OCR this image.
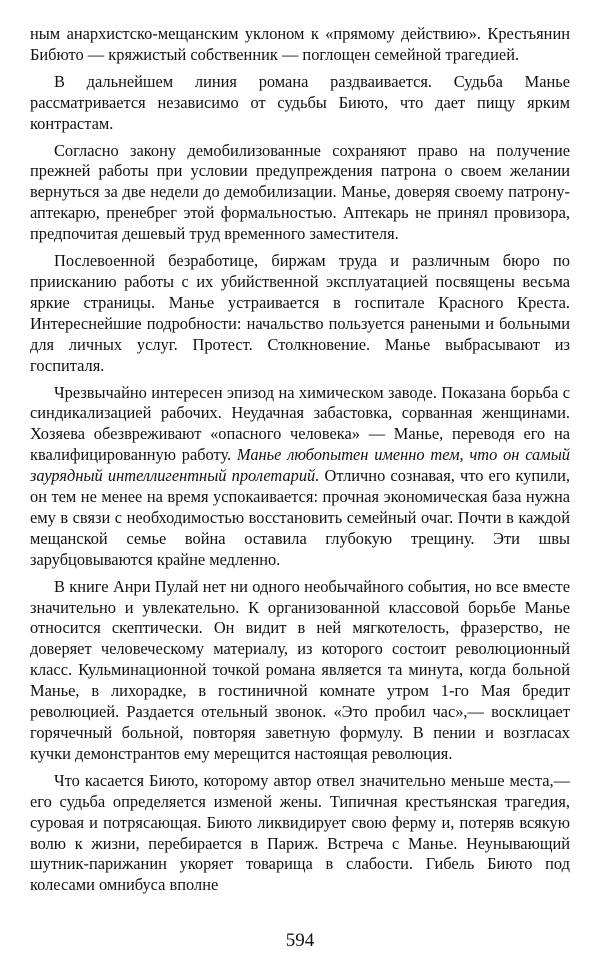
ным анархистско-мещанским уклоном к «прямому действию». Крестьянин Бибюто — кряжистый собственник — поглощен семейной трагедией.

В дальнейшем линия романа раздваивается. Судьба Манье рассматривается независимо от судьбы Биюто, что дает пищу ярким контрастам.

Согласно закону демобилизованные сохраняют право на получение прежней работы при условии предупреждения патрона о своем желании вернуться за две недели до демобилизации. Манье, доверяя своему патрону-аптекарю, пренебрег этой формальностью. Аптекарь не принял провизора, предпочитая дешевый труд временного заместителя.

Послевоенной безработице, биржам труда и различным бюро по приисканию работы с их убийственной эксплуатацией посвящены весьма яркие страницы. Манье устраивается в госпитале Красного Креста. Интереснейшие подробности: начальство пользуется ранеными и больными для личных услуг. Протест. Столкновение. Манье выбрасывают из госпиталя.

Чрезвычайно интересен эпизод на химическом заводе. Показана борьба с синдикализацией рабочих. Неудачная забастовка, сорванная женщинами. Хозяева обезвреживают «опасного человека» — Манье, переводя его на квалифицированную работу. Манье любопытен именно тем, что он самый заурядный интеллигентный пролетарий. Отлично сознавая, что его купили, он тем не менее на время успокаивается: прочная экономическая база нужна ему в связи с необходимостью восстановить семейный очаг. Почти в каждой мещанской семье война оставила глубокую трещину. Эти швы зарубцовываются крайне медленно.

В книге Анри Пулай нет ни одного необычайного события, но все вместе значительно и увлекательно. К организованной классовой борьбе Манье относится скептически. Он видит в ней мягкотелость, фразерство, не доверяет человеческому материалу, из которого состоит революционный класс. Кульминационной точкой романа является та минута, когда больной Манье, в лихорадке, в гостиничной комнате утром 1-го Мая бредит революцией. Раздается отельный звонок. «Это пробил час»,— восклицает горячечный больной, повторяя заветную формулу. В пении и возгласах кучки демонстрантов ему мерещится настоящая революция.

Что касается Биюто, которому автор отвел значительно меньше места,— его судьба определяется изменой жены. Типичная крестьянская трагедия, суровая и потрясающая. Биюто ликвидирует свою ферму и, потеряв всякую волю к жизни, перебирается в Париж. Встреча с Манье. Неунывающий шутник-парижанин укоряет товарища в слабости. Гибель Биюто под колесами омнибуса вполне

594
